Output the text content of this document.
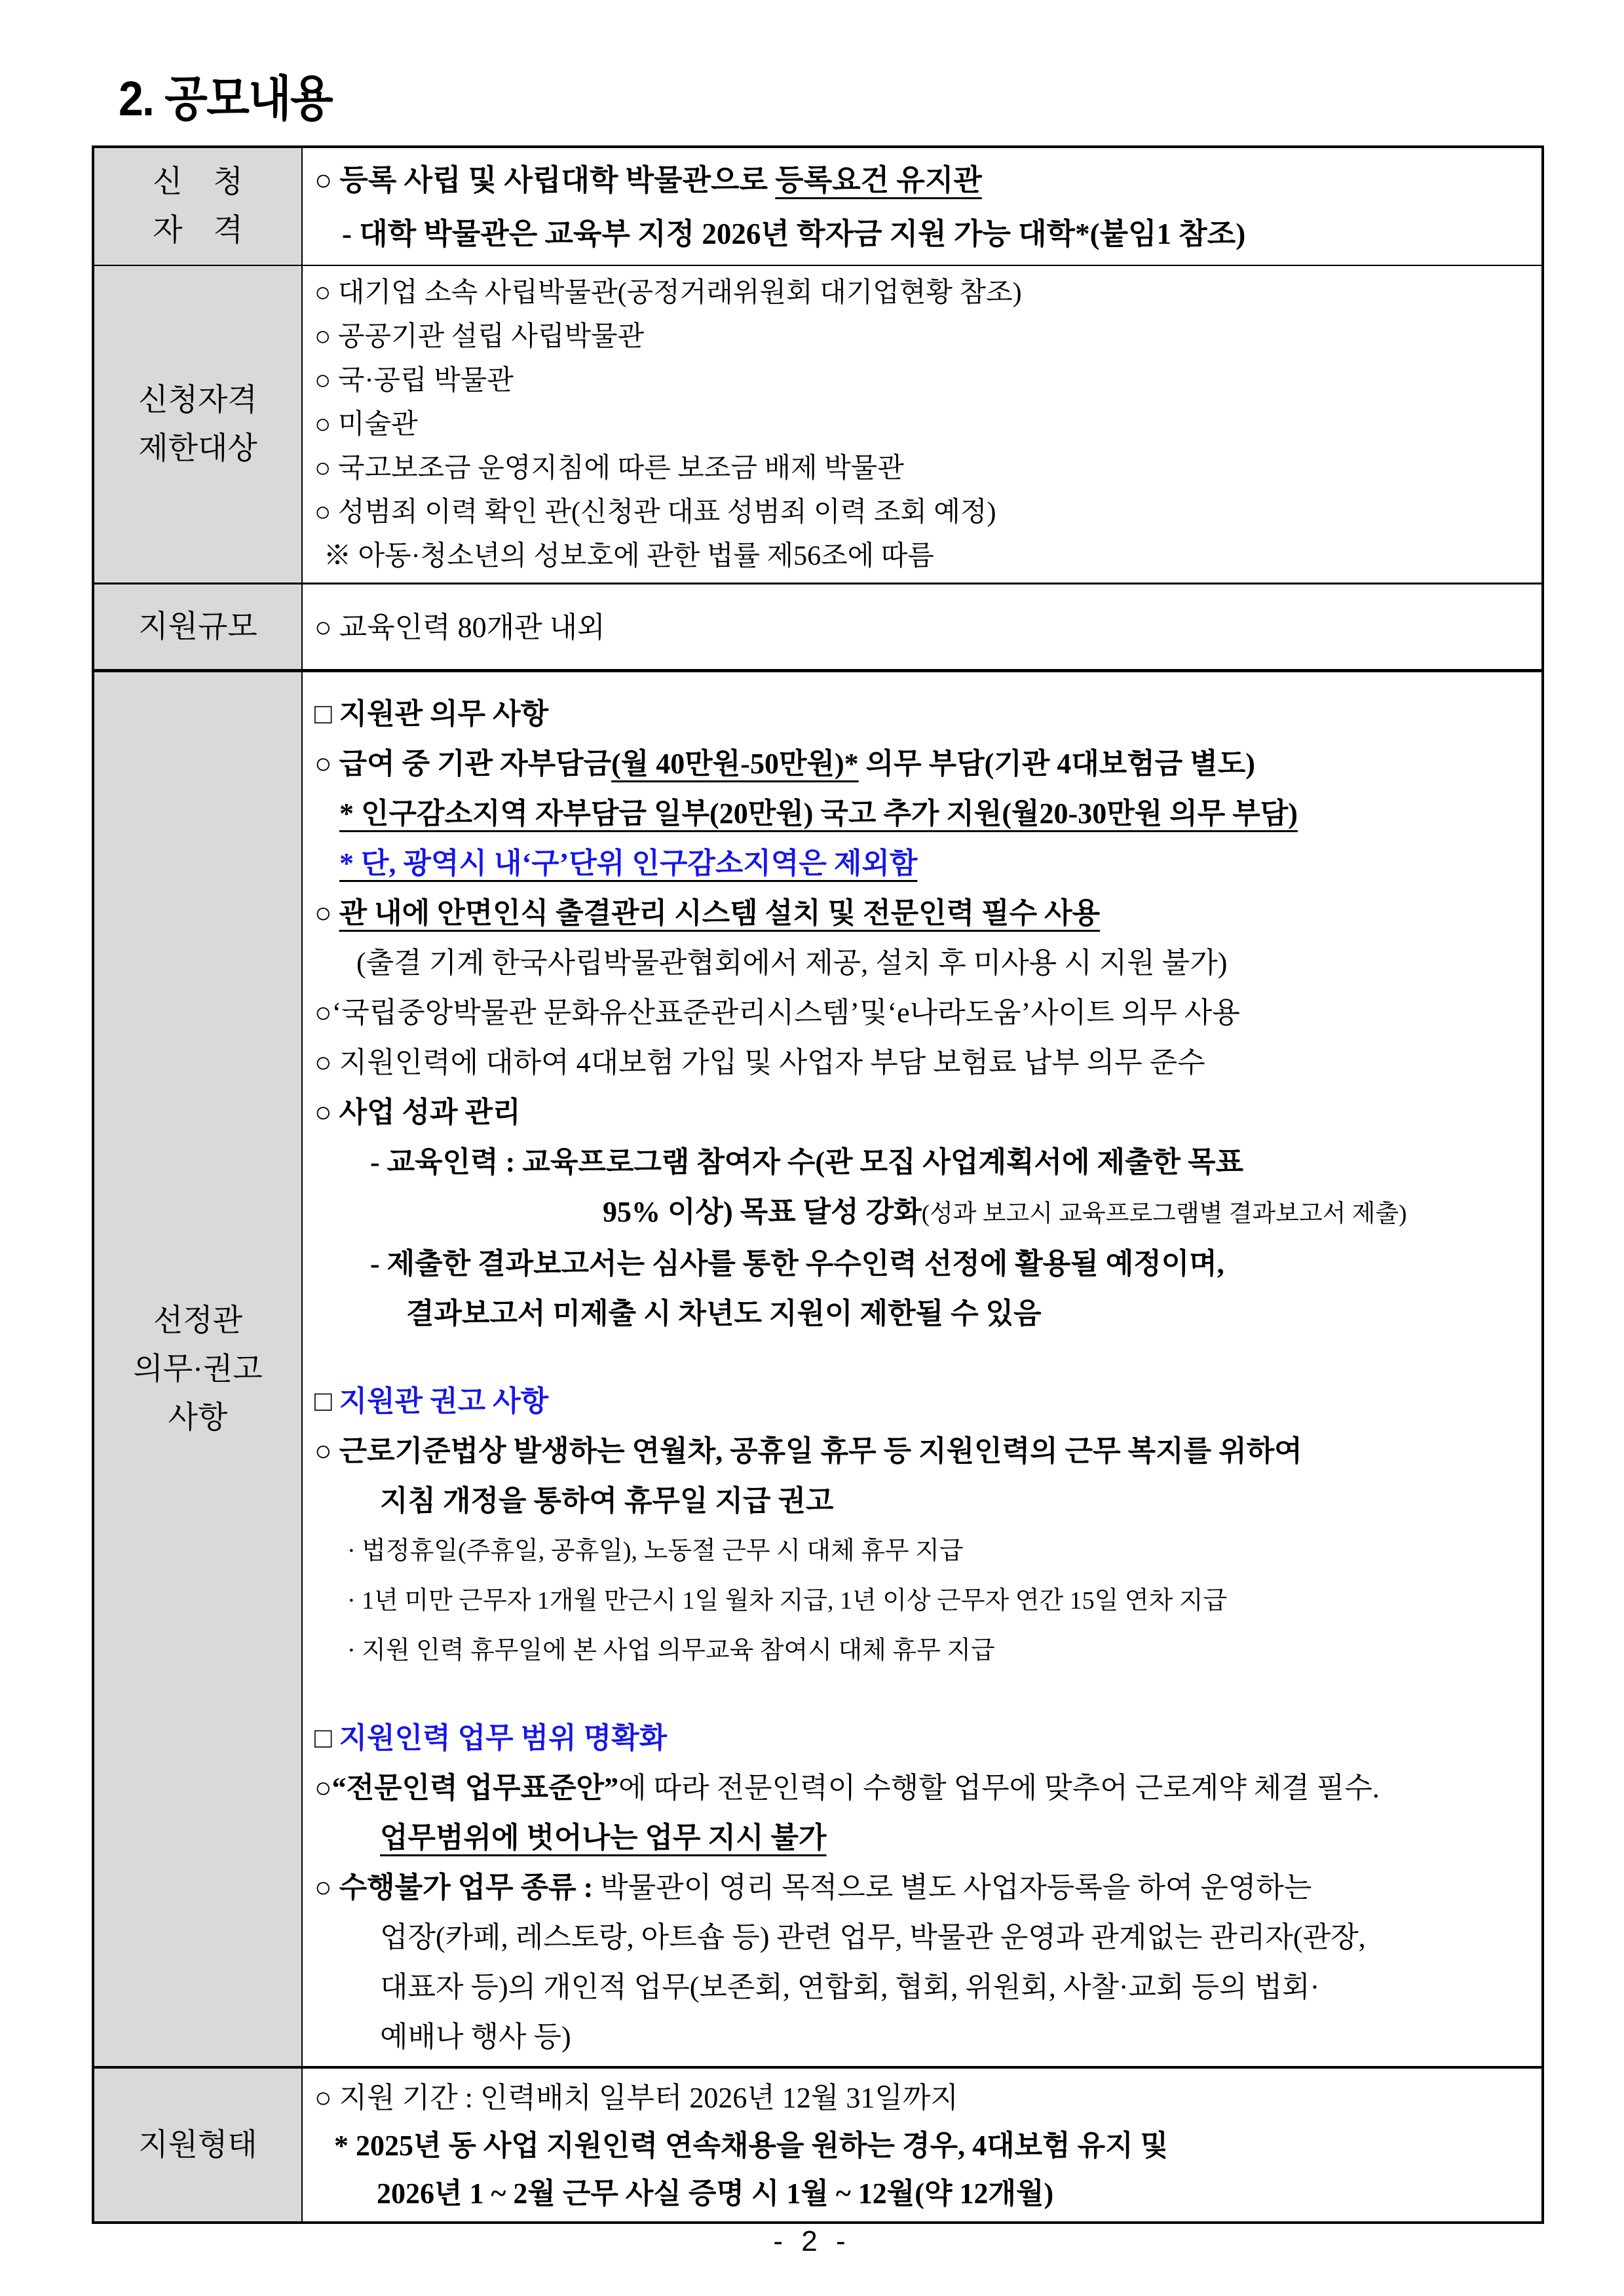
2. 공모내용
신　청
자　격
○ 등록 사립 및 사립대학 박물관으로 등록요건 유지관
- 대학 박물관은 교육부 지정 2026년 학자금 지원 가능 대학*(붙임1 참조)
신청자격
제한대상
○ 대기업 소속 사립박물관(공정거래위원회 대기업현황 참조)
○ 공공기관 설립 사립박물관
○ 국·공립 박물관
○ 미술관
○ 국고보조금 운영지침에 따른 보조금 배제 박물관
○ 성범죄 이력 확인 관(신청관 대표 성범죄 이력 조회 예정)
※ 아동·청소년의 성보호에 관한 법률 제56조에 따름
지원규모 ○ 교육인력 80개관 내외
선정관
의무·권고
사항
□ 지원관 의무 사항
○ 급여 중 기관 자부담금(월 40만원-50만원)* 의무 부담(기관 4대보험금 별도)
* 인구감소지역 자부담금 일부(20만원) 국고 추가 지원(월20-30만원 의무 부담)
* 단, 광역시 내‘구’단위 인구감소지역은 제외함
○ 관 내에 안면인식 출결관리 시스템 설치 및 전문인력 필수 사용
(출결 기계 한국사립박물관협회에서 제공, 설치 후 미사용 시 지원 불가)
○‘국립중앙박물관 문화유산표준관리시스템’및‘e나라도움’사이트 의무 사용
○ 지원인력에 대하여 4대보험 가입 및 사업자 부담 보험료 납부 의무 준수
○ 사업 성과 관리
- 교육인력 : 교육프로그램 참여자 수(관 모집 사업계획서에 제출한 목표
95% 이상) 목표 달성 강화(성과 보고시 교육프로그램별 결과보고서 제출)
- 제출한 결과보고서는 심사를 통한 우수인력 선정에 활용될 예정이며,
결과보고서 미제출 시 차년도 지원이 제한될 수 있음
□ 지원관 권고 사항
○ 근로기준법상 발생하는 연월차, 공휴일 휴무 등 지원인력의 근무 복지를 위하여
지침 개정을 통하여 휴무일 지급 권고
· 법정휴일(주휴일, 공휴일), 노동절 근무 시 대체 휴무 지급
· 1년 미만 근무자 1개월 만근시 1일 월차 지급, 1년 이상 근무자 연간 15일 연차 지급
· 지원 인력 휴무일에 본 사업 의무교육 참여시 대체 휴무 지급
□ 지원인력 업무 범위 명확화
○“전문인력 업무표준안”에 따라 전문인력이 수행할 업무에 맞추어 근로계약 체결 필수.
업무범위에 벗어나는 업무 지시 불가
○ 수행불가 업무 종류 : 박물관이 영리 목적으로 별도 사업자등록을 하여 운영하는
업장(카페, 레스토랑, 아트숍 등) 관련 업무, 박물관 운영과 관계없는 관리자(관장,
대표자 등)의 개인적 업무(보존회, 연합회, 협회, 위원회, 사찰·교회 등의 법회·
예배나 행사 등)
지원형태
○ 지원 기간 : 인력배치 일부터 2026년 12월 31일까지
* 2025년 동 사업 지원인력 연속채용을 원하는 경우, 4대보험 유지 및
2026년 1 ~ 2월 근무 사실 증명 시 1월 ~ 12월(약 12개월)
- 2 -
